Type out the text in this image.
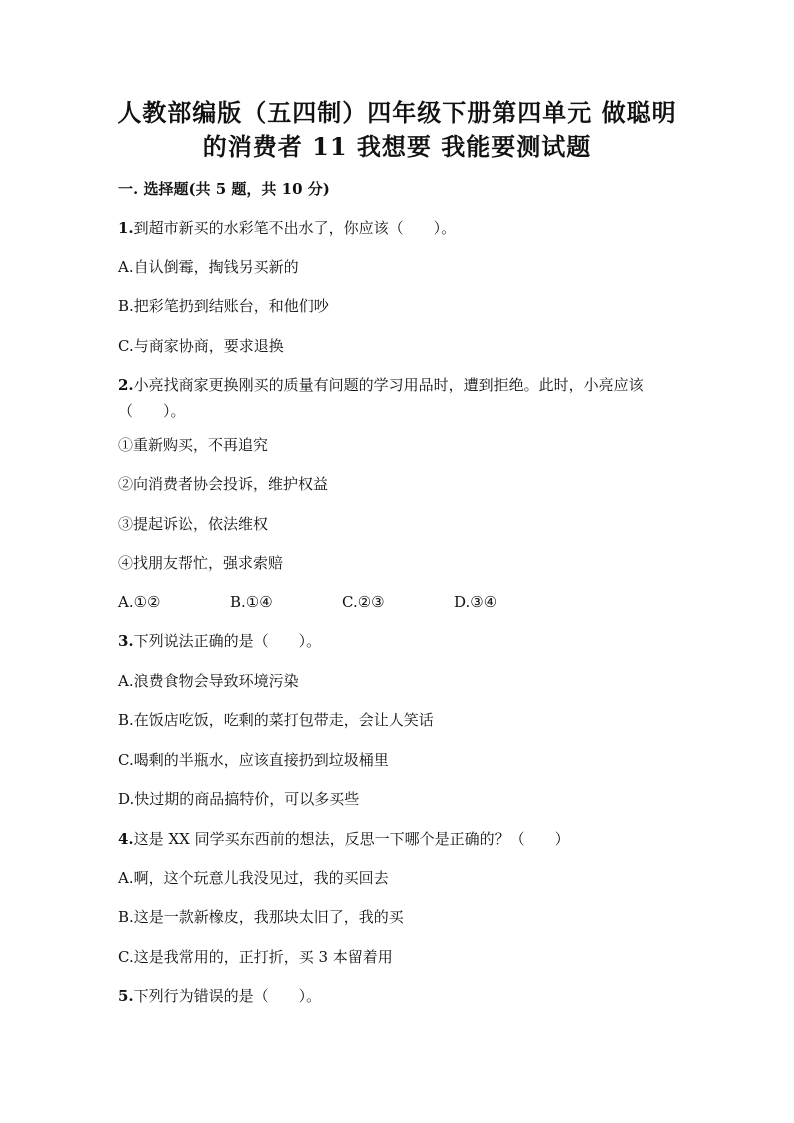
人教部编版（五四制）四年级下册第四单元 做聪明
的消费者 11 我想要 我能要测试题
一. 选择题(共 5 题，共 10 分)
1.到超市新买的水彩笔不出水了，你应该（　　）。
A.自认倒霉，掏钱另买新的
B.把彩笔扔到结账台，和他们吵
C.与商家协商，要求退换
2.小亮找商家更换刚买的质量有问题的学习用品时，遭到拒绝。此时，小亮应该（　　）。
①重新购买，不再追究
②向消费者协会投诉，维护权益
③提起诉讼，依法维权
④找朋友帮忙，强求索赔
A.①②	B.①④	C.②③	D.③④
3.下列说法正确的是（　　）。
A.浪费食物会导致环境污染
B.在饭店吃饭，吃剩的菜打包带走，会让人笑话
C.喝剩的半瓶水，应该直接扔到垃圾桶里
D.快过期的商品搞特价，可以多买些
4.这是 XX 同学买东西前的想法，反思一下哪个是正确的？（　　）
A.啊，这个玩意儿我没见过，我的买回去
B.这是一款新橡皮，我那块太旧了，我的买
C.这是我常用的，正打折，买 3 本留着用
5.下列行为错误的是（　　）。
